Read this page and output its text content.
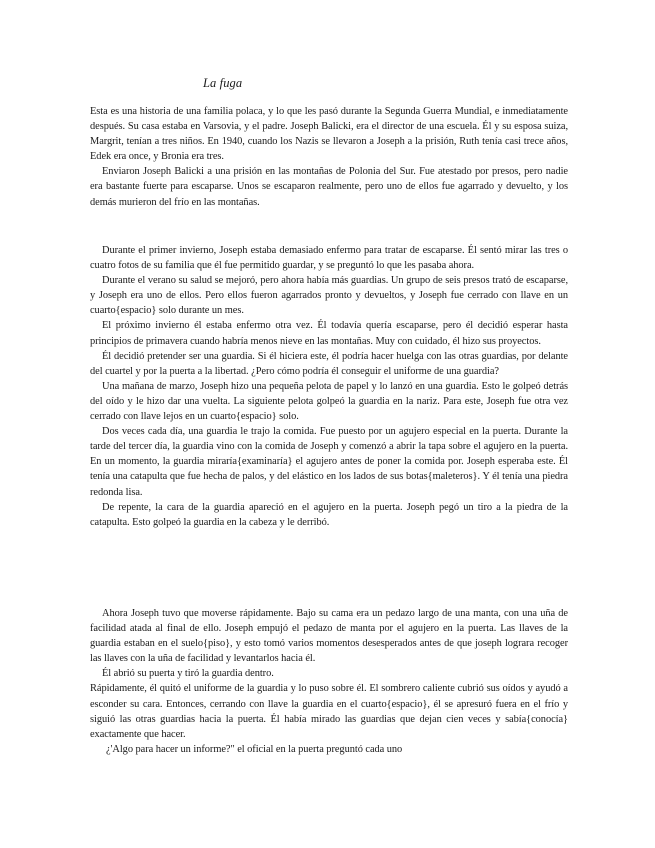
La fuga

Esta es una historia de una familia polaca, y lo que les pasó durante la Segunda Guerra Mundial, e inmediatamente después. Su casa estaba en Varsovia, y el padre. Joseph Balicki, era el director de una escuela. Él y su esposa suiza, Margrit, tenían a tres niños. En 1940, cuando los Nazis se llevaron a Joseph a la prisión, Ruth tenía casi trece años, Edek era once, y Bronia era tres.

Enviaron Joseph Balicki a una prisión en las montañas de Polonia del Sur. Fue atestado por presos, pero nadie era bastante fuerte para escaparse. Unos se escaparon realmente, pero uno de ellos fue agarrado y devuelto, y los demás murieron del frío en las montañas.

Durante el primer invierno, Joseph estaba demasiado enfermo para tratar de escaparse. Él sentó mirar las tres o cuatro fotos de su familia que él fue permitido guardar, y se preguntó lo que les pasaba ahora.

Durante el verano su salud se mejoró, pero ahora había más guardias. Un grupo de seis presos trató de escaparse, y Joseph era uno de ellos. Pero ellos fueron agarrados pronto y devueltos, y Joseph fue cerrado con llave en un cuarto{espacio} solo durante un mes.

El próximo invierno él estaba enfermo otra vez. Él todavía quería escaparse, pero él decidió esperar hasta principios de primavera cuando habría menos nieve en las montañas. Muy con cuidado, él hizo sus proyectos.

Él decidió pretender ser una guardia. Si él hiciera este, él podría hacer huelga con las otras guardias, por delante del cuartel y por la puerta a la libertad. ¿Pero cómo podría él conseguir el uniforme de una guardia?

Una mañana de marzo, Joseph hizo una pequeña pelota de papel y lo lanzó en una guardia. Esto le golpeó detrás del oído y le hizo dar una vuelta. La siguiente pelota golpeó la guardia en la nariz. Para este, Joseph fue otra vez cerrado con llave lejos en un cuarto{espacio} solo.

Dos veces cada día, una guardia le trajo la comida. Fue puesto por un agujero especial en la puerta. Durante la tarde del tercer día, la guardia vino con la comida de Joseph y comenzó a abrir la tapa sobre el agujero en la puerta. En un momento, la guardia miraría{examinaría} el agujero antes de poner la comida por. Joseph esperaba este. Él tenía una catapulta que fue hecha de palos, y del elástico en los lados de sus botas{maleteros}. Y él tenía una piedra redonda lisa.

De repente, la cara de la guardia apareció en el agujero en la puerta. Joseph pegó un tiro a la piedra de la catapulta. Esto golpeó la guardia en la cabeza y le derribó.

Ahora Joseph tuvo que moverse rápidamente. Bajo su cama era un pedazo largo de una manta, con una uña de facilidad atada al final de ello. Joseph empujó el pedazo de manta por el agujero en la puerta. Las llaves de la guardia estaban en el suelo{piso}, y esto tomó varios momentos desesperados antes de que joseph lograra recoger las llaves con la uña de facilidad y levantarlos hacia él.

Él abrió su puerta y tiró la guardia dentro.

Rápidamente, él quitó el uniforme de la guardia y lo puso sobre él. El sombrero caliente cubrió sus oídos y ayudó a esconder su cara. Entonces, cerrando con llave la guardia en el cuarto{espacio}, él se apresuró fuera en el frío y siguió las otras guardias hacia la puerta. Él había mirado las guardias que dejan cien veces y sabía{conocía} exactamente que hacer.

¿'Algo para hacer un informe?" el oficial en la puerta preguntó cada uno
